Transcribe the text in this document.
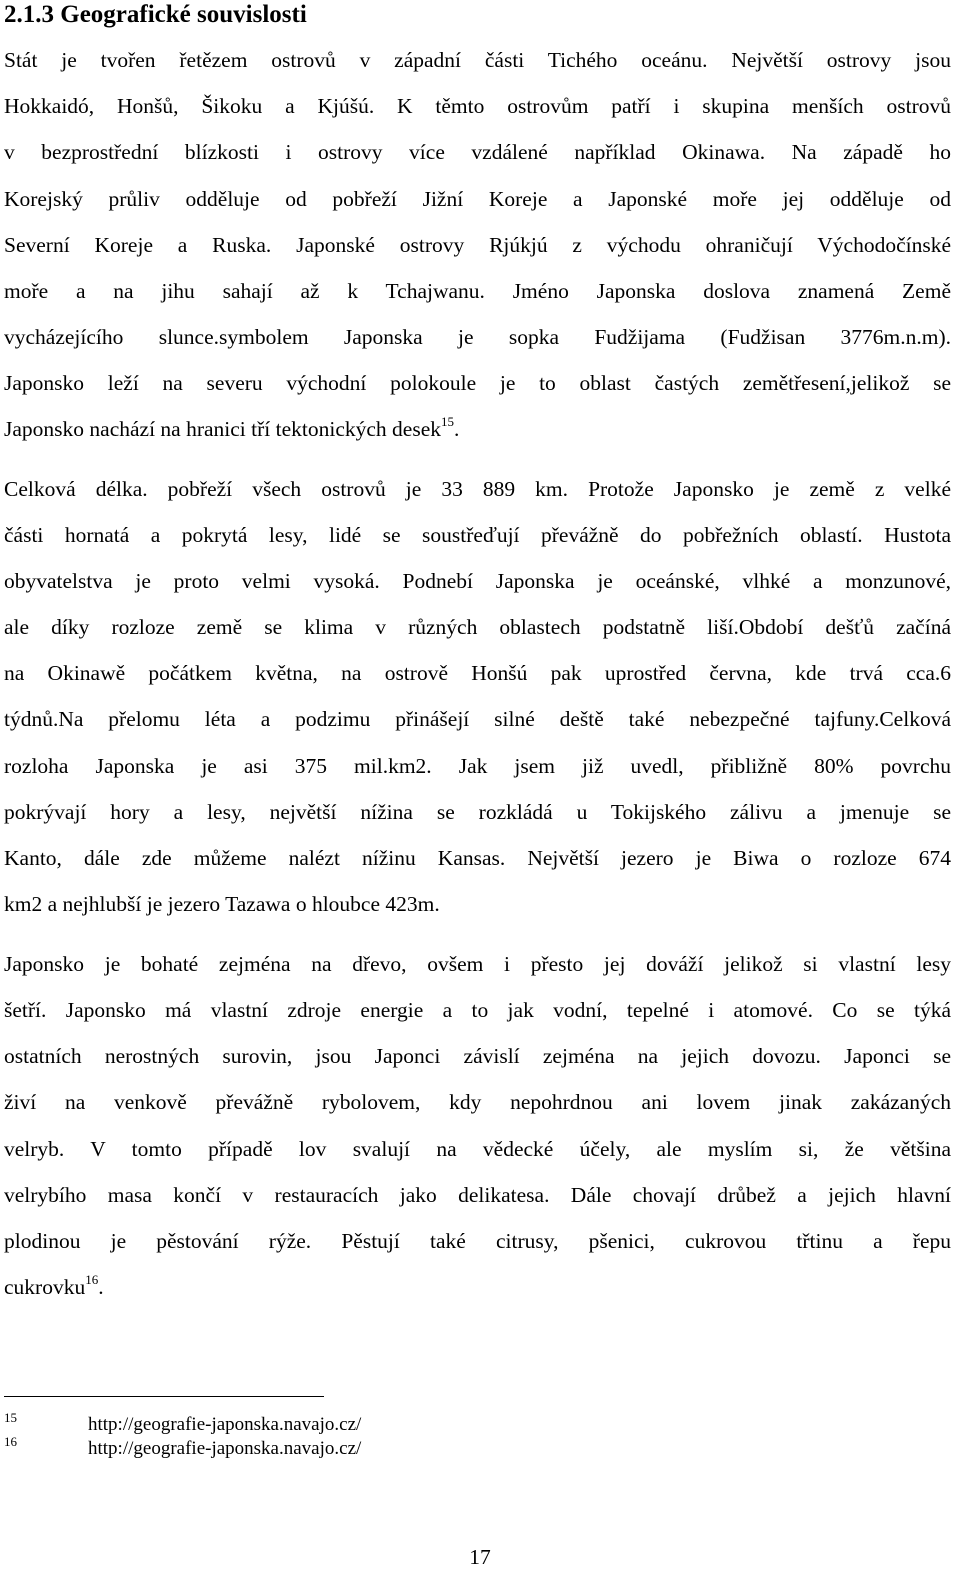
2.1.3 Geografické souvislosti
Stát je tvořen řetězem ostrovů v západní části Tichého oceánu. Největší ostrovy jsou
Hokkaidó, Honšů, Šikoku a Kjúšú. K těmto ostrovům patří i skupina menších ostrovů
v bezprostřední blízkosti i ostrovy více vzdálené například Okinawa. Na západě ho
Korejský průliv odděluje od pobřeží Jižní Koreje a Japonské moře jej odděluje od
Severní Koreje a Ruska. Japonské ostrovy Rjúkjú z východu ohraničují Východočínské
moře a na jihu sahají až k Tchajwanu. Jméno Japonska doslova znamená Země
vycházejícího slunce.symbolem Japonska je sopka Fudžijama (Fudžisan 3776m.n.m).
Japonsko leží na severu východní polokoule je to oblast častých zemětřesení,jelikož se
Japonsko nachází na hranici tří tektonických desek$^{15}$.
Celková délka. pobřeží všech ostrovů je 33 889 km. Protože Japonsko je země z velké
části hornatá a pokrytá lesy, lidé se soustřeďují převážně do pobřežních oblastí. Hustota
obyvatelstva je proto velmi vysoká. Podnebí Japonska je oceánské, vlhké a monzunové,
ale díky rozloze země se klima v různých oblastech podstatně liší.Období dešťů začíná
na Okinawě počátkem května, na ostrově Honšú pak uprostřed června, kde trvá cca.6
týdnů.Na přelomu léta a podzimu přinášejí silné deště také nebezpečné tajfuny.Celková
rozloha Japonska je asi 375 mil.km2. Jak jsem již uvedl, přibližně 80% povrchu
pokrývají hory a lesy, největší nížina se rozkládá u Tokijského zálivu a jmenuje se
Kanto, dále zde můžeme nalézt nížinu Kansas. Největší jezero je Biwa o rozloze 674
km2 a nejhlubší je jezero Tazawa o hloubce 423m.
Japonsko je bohaté zejména na dřevo, ovšem i přesto jej dováží jelikož si vlastní lesy
šetří. Japonsko má vlastní zdroje energie a to jak vodní, tepelné i atomové. Co se týká
ostatních nerostných surovin, jsou Japonci závislí zejména na jejich dovozu. Japonci se
živí na venkově převážně rybolovem, kdy nepohrdnou ani lovem jinak zakázaných
velryb. V tomto případě lov svalují na vědecké účely, ale myslím si, že většina
velrybího masa končí v restauracích jako delikatesa. Dále chovají drůbež a jejich hlavní
plodinou je pěstování rýže. Pěstují také citrusy, pšenici, cukrovou třtinu a řepu
cukrovku$^{16}$.
15	http://geografie-japonska.navajo.cz/
16	http://geografie-japonska.navajo.cz/
17
